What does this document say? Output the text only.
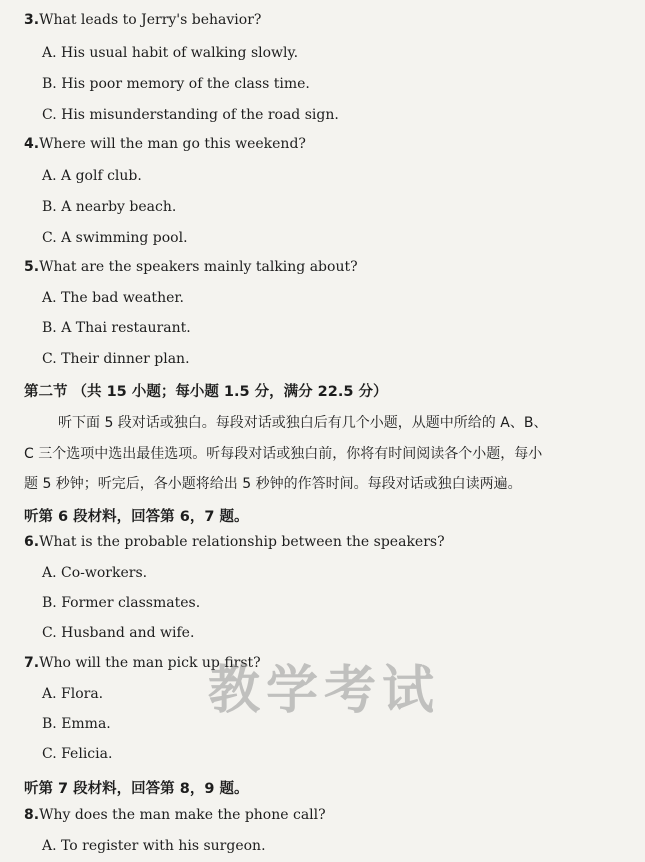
3.What leads to Jerry's behavior?
A. His usual habit of walking slowly.
B. His poor memory of the class time.
C. His misunderstanding of the road sign.
4.Where will the man go this weekend?
A. A golf club.
B. A nearby beach.
C. A swimming pool.
5.What are the speakers mainly talking about?
A. The bad weather.
B. A Thai restaurant.
C. Their dinner plan.
第二节 （共 15 小题；每小题 1.5 分，满分 22.5 分）
听下面 5 段对话或独白。每段对话或独白后有几个小题，从题中所给的 A、B、
C 三个选项中选出最佳选项。听每段对话或独白前，你将有时间阅读各个小题，每小
题 5 秒钟；听完后，各小题将给出 5 秒钟的作答时间。每段对话或独白读两遍。
听第 6 段材料，回答第 6，7 题。
6.What is the probable relationship between the speakers?
A. Co-workers.
B. Former classmates.
C. Husband and wife.
7.Who will the man pick up first?
A. Flora.
B. Emma.
C. Felicia.
听第 7 段材料，回答第 8，9 题。
8.Why does the man make the phone call?
A. To register with his surgeon.
教学考试
